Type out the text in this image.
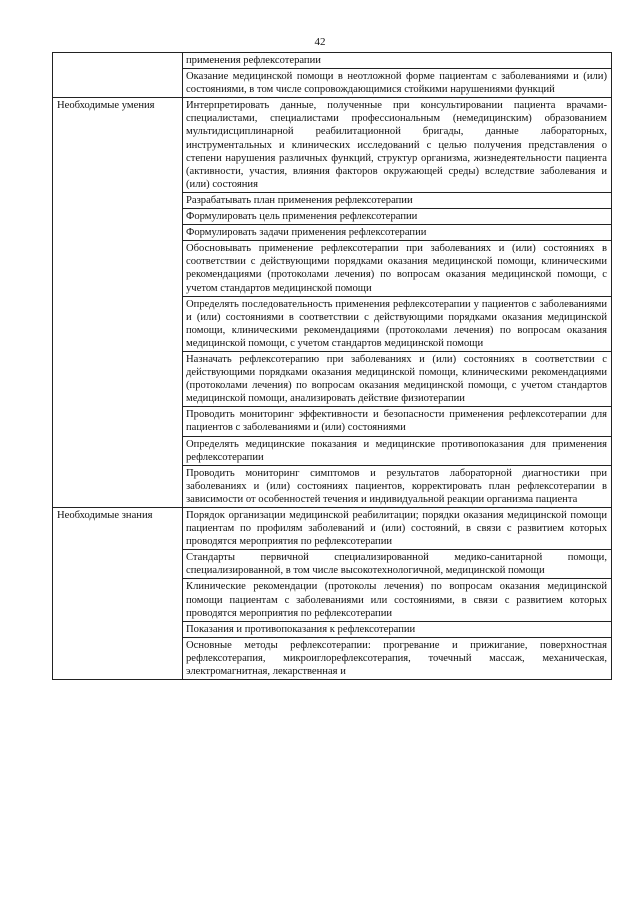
42
	применения рефлексотерапии
	Оказание медицинской помощи в неотложной форме пациентам с заболеваниями и (или) состояниями, в том числе сопровождающимися стойкими нарушениями функций
Необходимые умения	Интерпретировать данные, полученные при консультировании пациента врачами-специалистами, специалистами профессиональным (немедицинским) образованием мультидисциплинарной реабилитационной бригады, данные лабораторных, инструментальных и клинических исследований с целью получения представления о степени нарушения различных функций, структур организма, жизнедеятельности пациента (активности, участия, влияния факторов окружающей среды) вследствие заболевания и (или) состояния
	Разрабатывать план применения рефлексотерапии
	Формулировать цель применения рефлексотерапии
	Формулировать задачи применения рефлексотерапии
	Обосновывать применение рефлексотерапии при заболеваниях и (или) состояниях в соответствии с действующими порядками оказания медицинской помощи, клиническими рекомендациями (протоколами лечения) по вопросам оказания медицинской помощи, с учетом стандартов медицинской помощи
	Определять последовательность применения рефлексотерапии у пациентов с заболеваниями и (или) состояниями в соответствии с действующими порядками оказания медицинской помощи, клиническими рекомендациями (протоколами лечения) по вопросам оказания медицинской помощи, с учетом стандартов медицинской помощи
	Назначать рефлексотерапию при заболеваниях и (или) состояниях в соответствии с действующими порядками оказания медицинской помощи, клиническими рекомендациями (протоколами лечения) по вопросам оказания медицинской помощи, с учетом стандартов медицинской помощи, анализировать действие физиотерапии
	Проводить мониторинг эффективности и безопасности применения рефлексотерапии для пациентов с заболеваниями и (или) состояниями
	Определять медицинские показания и медицинские противопоказания для применения рефлексотерапии
	Проводить мониторинг симптомов и результатов лабораторной диагностики при заболеваниях и (или) состояниях пациентов, корректировать план рефлексотерапии в зависимости от особенностей течения и индивидуальной реакции организма пациента
Необходимые знания	Порядок организации медицинской реабилитации; порядки оказания медицинской помощи пациентам по профилям заболеваний и (или) состояний, в связи с развитием которых проводятся мероприятия по рефлексотерапии
	Стандарты первичной специализированной медико-санитарной помощи, специализированной, в том числе высокотехнологичной, медицинской помощи
	Клинические рекомендации (протоколы лечения) по вопросам оказания медицинской помощи пациентам с заболеваниями или состояниями, в связи с развитием которых проводятся мероприятия по рефлексотерапии
	Показания и противопоказания к рефлексотерапии
	Основные методы рефлексотерапии: прогревание и прижигание, поверхностная рефлексотерапия, микроиглорефлексотерапия, точечный массаж, механическая, электромагнитная, лекарственная и
